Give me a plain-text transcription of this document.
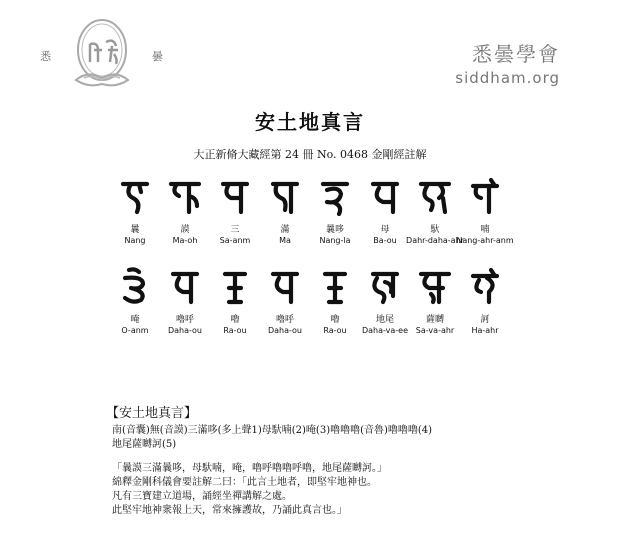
悉	曇	悉曇學會
siddham.org
安土地真言
大正新脩大藏經第 24 冊 No. 0468 金剛經註解
曩
Nang
謨
Ma-oh
三
Sa-anm
滿
Ma
曩哆
Nang-la
母
Ba-ou
馱
Dahr-daha-ahr
喃
Nang-ahr-anm
唵
O-anm
嚕呼
Daha-ou
嚕
Ra-ou
嚕呼
Daha-ou
嚕
Ra-ou
地尾
Daha-va-ee
薩嚩
Sa-va-ahr
訶
Ha-ahr
【安土地真言】
南(音囊)無(音謨)三滿哆(多上聲1)母馱喃(2)唵(3)嚕嚕嚕(音魯)嚕嚕嚕(4)
地尾薩嚩訶(5)
「曩謨三滿曩哆，母馱喃，唵，嚕呼嚕嚕呼嚕，地尾薩嚩訶。」
綿釋金剛科儀會要註解二曰：「此言土地者，即堅牢地神也。
凡有三寶建立道場，誦經坐禪講解之處。
此堅牢地神衆報上天，常來擁護故，乃誦此真言也。」
